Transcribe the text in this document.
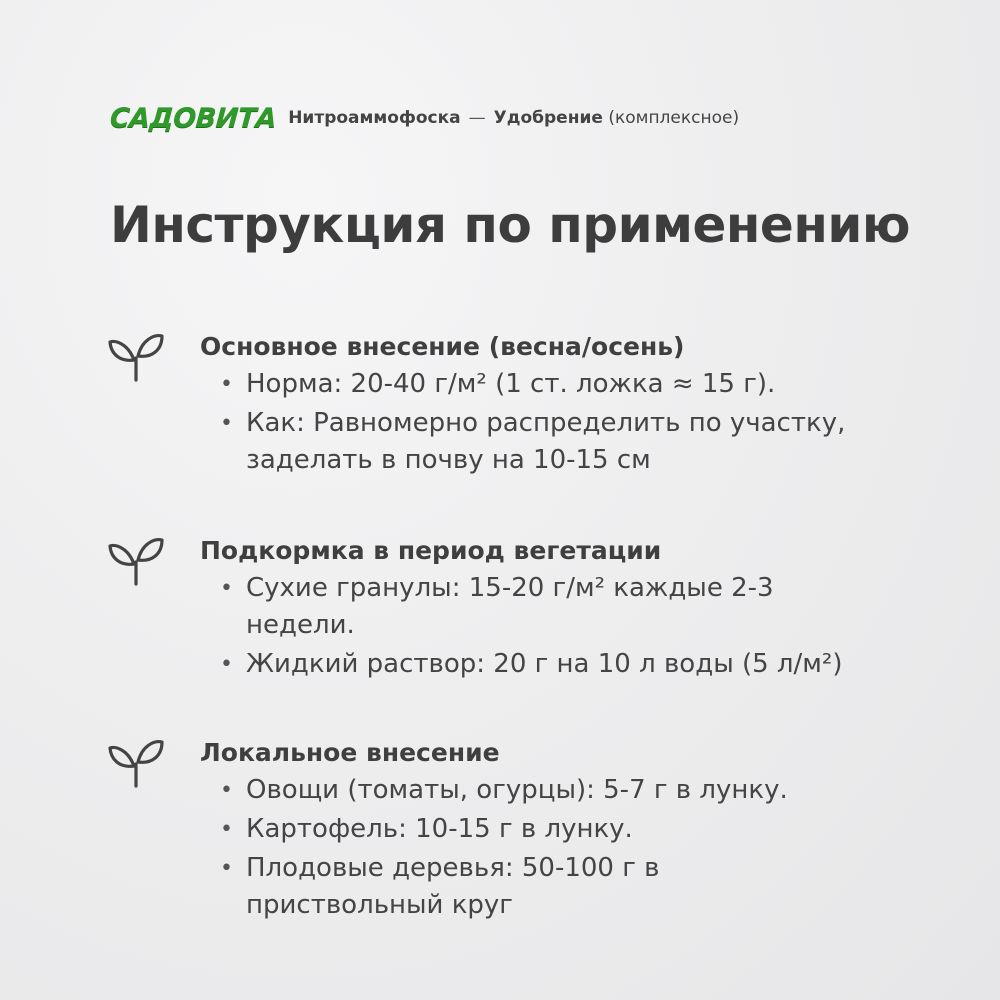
САДОВИТА Нитроаммофоска — Удобрение (комплексное)
Инструкция по применению
Основное внесение (весна/осень)
• Норма: 20-40 г/м² (1 ст. ложка ≈ 15 г).
• Как: Равномерно распределить по участку,
заделать в почву на 10-15 см
Подкормка в период вегетации
• Сухие гранулы: 15-20 г/м² каждые 2-3
недели.
• Жидкий раствор: 20 г на 10 л воды (5 л/м²)
Локальное внесение
• Овощи (томаты, огурцы): 5-7 г в лунку.
• Картофель: 10-15 г в лунку.
• Плодовые деревья: 50-100 г в
приствольный круг
